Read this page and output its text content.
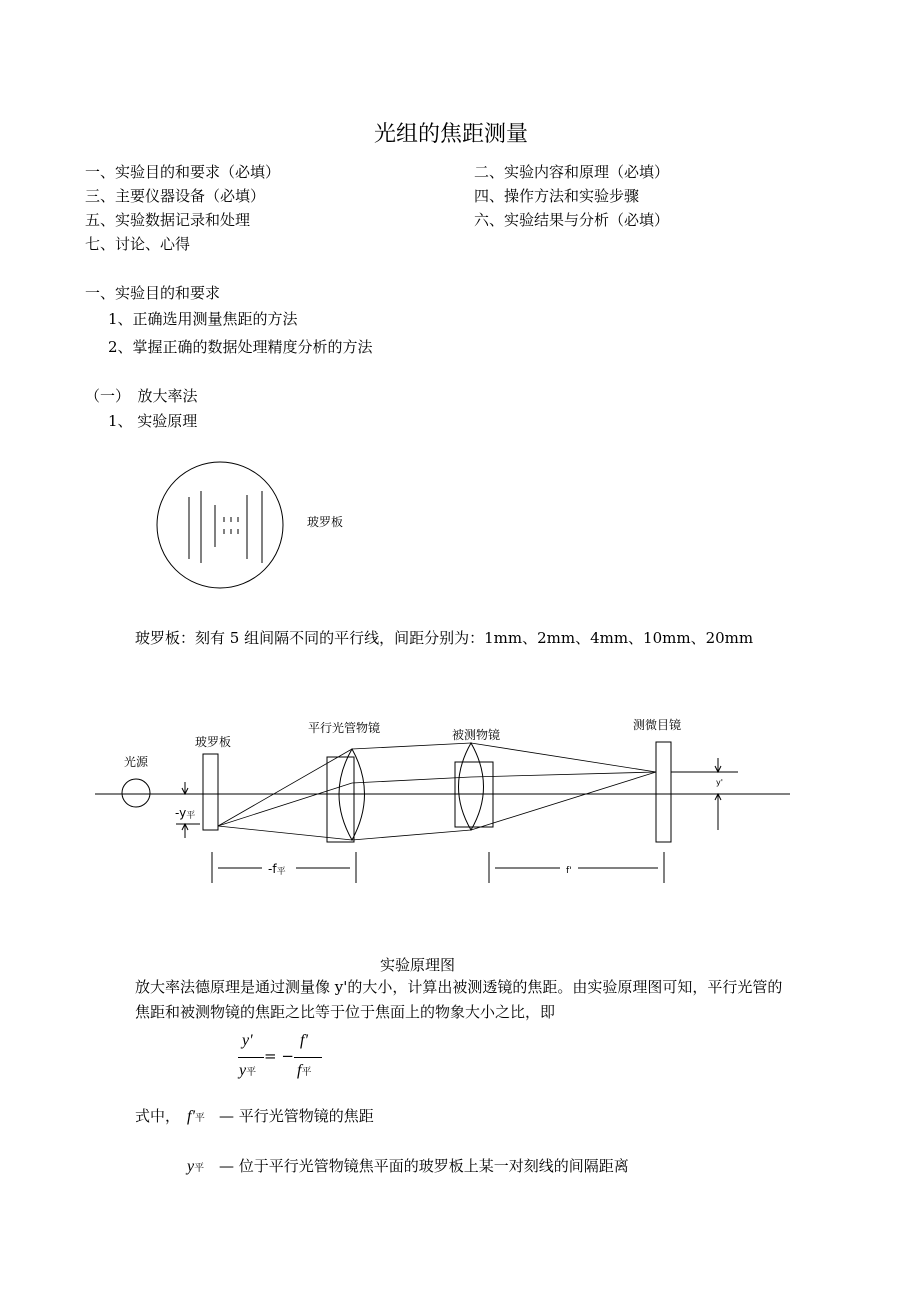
光组的焦距测量
一、实验目的和要求（必填）	二、实验内容和原理（必填）
三、主要仪器设备（必填）	四、操作方法和实验步骤
五、实验数据记录和处理	六、实验结果与分析（必填）
七、讨论、心得
一、实验目的和要求
1、正确选用测量焦距的方法
2、掌握正确的数据处理精度分析的方法
（一）　放大率法
1、 实验原理
玻罗板
玻罗板：刻有 5 组间隔不同的平行线，间距分别为：1mm、2mm、4mm、10mm、20mm
光源
玻罗板
-y平
平行光管物镜	被测物镜
测微目镜
y'
-f平	f'
实验原理图
放大率法德原理是通过测量像 y'的大小，计算出被测透镜的焦距。由实验原理图可知，平行光管的
焦距和被测物镜的焦距之比等于位于焦面上的物象大小之比，即
y'
y平
= −
f'
f平
式中， f'平 — 平行光管物镜的焦距
y平 — 位于平行光管物镜焦平面的玻罗板上某一对刻线的间隔距离
